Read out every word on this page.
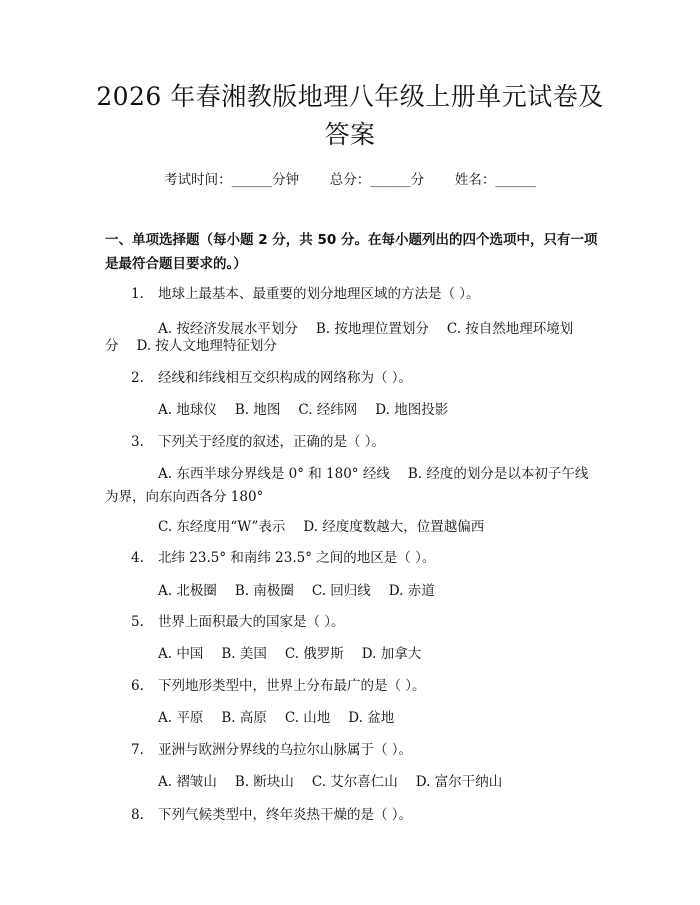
2026 年春湘教版地理八年级上册单元试卷及
答案
考试时间：______分钟 总分：______分 姓名：______
一、单项选择题（每小题 2 分，共 50 分。在每小题列出的四个选项中，只有一项
是最符合题目要求的。）
1. 地球上最基本、最重要的划分地理区域的方法是（ ）。
A. 按经济发展水平划分 B. 按地理位置划分 C. 按自然地理环境划
分 D. 按人文地理特征划分
2. 经线和纬线相互交织构成的网络称为（ ）。
A. 地球仪 B. 地图 C. 经纬网 D. 地图投影
3. 下列关于经度的叙述，正确的是（ ）。
A. 东西半球分界线是 0° 和 180° 经线 B. 经度的划分是以本初子午线
为界，向东向西各分 180°
C. 东经度用“W”表示 D. 经度度数越大，位置越偏西
4. 北纬 23.5° 和南纬 23.5° 之间的地区是（ ）。
A. 北极圈 B. 南极圈 C. 回归线 D. 赤道
5. 世界上面积最大的国家是（ ）。
A. 中国 B. 美国 C. 俄罗斯 D. 加拿大
6. 下列地形类型中，世界上分布最广的是（ ）。
A. 平原 B. 高原 C. 山地 D. 盆地
7. 亚洲与欧洲分界线的乌拉尔山脉属于（ ）。
A. 褶皱山 B. 断块山 C. 艾尔喜仁山 D. 富尔干纳山
8. 下列气候类型中，终年炎热干燥的是（ ）。
